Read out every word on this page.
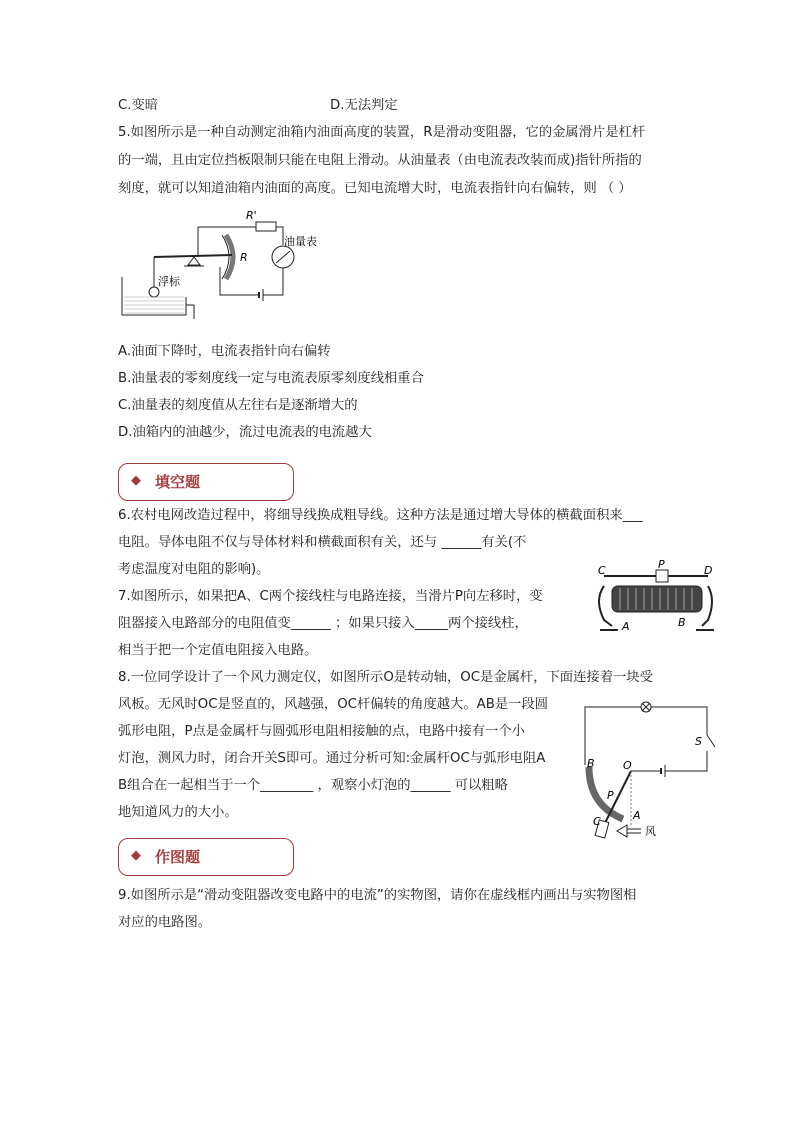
C.变暗	D.无法判定
5.如图所示是一种自动测定油箱内油面高度的装置，R是滑动变阻器，它的金属滑片是杠杆
的一端，且由定位挡板限制只能在电阻上滑动。从油量表（由电流表改装而成)指针所指的
刻度，就可以知道油箱内油面的高度。已知电流增大时，电流表指针向右偏转，则 （ ）
R'
R
油量表
浮标
A.油面下降时，电流表指针向右偏转
B.油量表的零刻度线一定与电流表原零刻度线相重合
C.油量表的刻度值从左往右是逐渐增大的
D.油箱内的油越少，流过电流表的电流越大
◆ 填空题
6.农村电网改造过程中，将细导线换成粗导线。这种方法是通过增大导体的横截面积来___
电阻。导体电阻不仅与导体材料和横截面积有关，还与 ______有关(不
考虑温度对电阻的影响)。
7.如图所示，如果把A、C两个接线柱与电路连接，当滑片P向左移时，变
阻器接入电路部分的电阻值变______ ；如果只接入_____两个接线柱，
相当于把一个定值电阻接入电路。
C	P	D
A	B
8.一位同学设计了一个风力测定仪，如图所示O是转动轴，OC是金属杆，下面连接着一块受
风板。无风时OC是竖直的，风越强，OC杆偏转的角度越大。AB是一段圆
弧形电阻，P点是金属杆与圆弧形电阻相接触的点，电路中接有一个小
灯泡，测风力时，闭合开关S即可。通过分析可知:金属杆OC与弧形电阻A
B组合在一起相当于一个________ ，观察小灯泡的______ 可以粗略
地知道风力的大小。
S
B	O
P
A
C
风
◆ 作图题
9.如图所示是“滑动变阻器改变电路中的电流”的实物图，请你在虚线框内画出与实物图相
对应的电路图。
